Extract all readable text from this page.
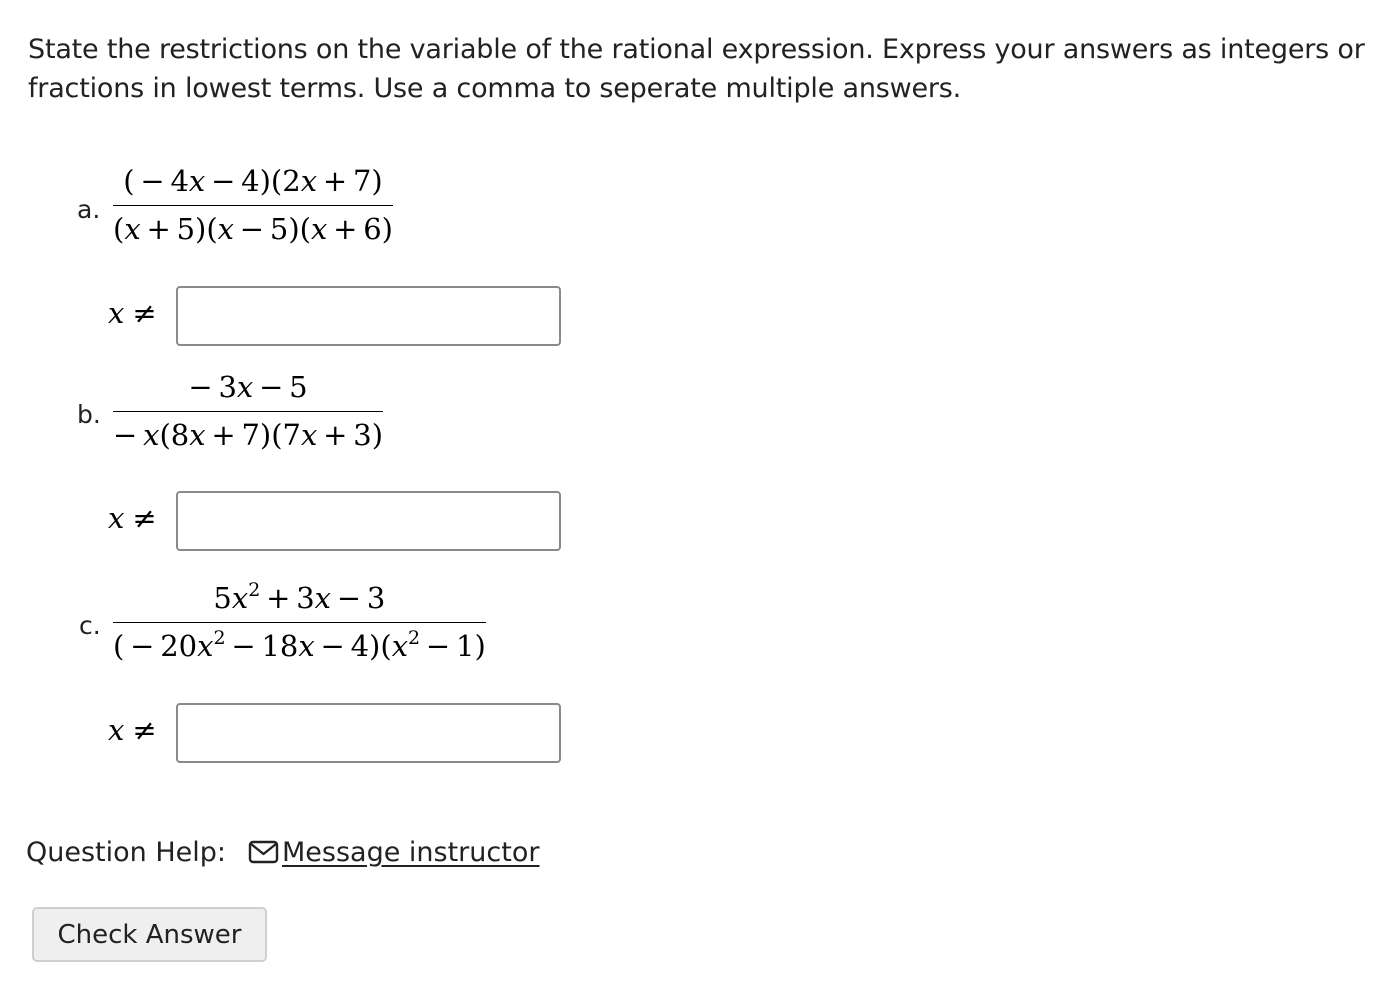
State the restrictions on the variable of the rational expression. Express your answers as integers or fractions in lowest terms. Use a comma to seperate multiple answers.

a.
( − 4x − 4)(2x + 7)
(x + 5)(x − 5)(x + 6)
x ≠
b.
− 3x − 5
− x(8x + 7)(7x + 3)
x ≠
c.
$5x^2 + 3x - 3$
( − $20x^2 - 18x - 4)(x^2 - 1)$
x ≠
Question Help: Message instructor
Check Answer
